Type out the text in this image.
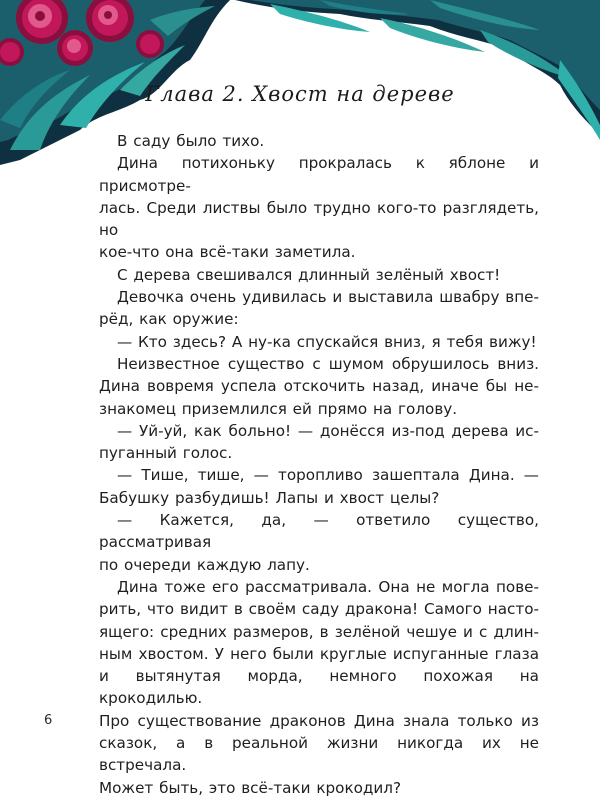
Глава 2. Хвост на дереве
В саду было тихо.
Дина потихоньку прокралась к яблоне и присмотре-
лась. Среди листвы было трудно кого-то разглядеть, но
кое-что она всё-таки заметила.
С дерева свешивался длинный зелёный хвост!
Девочка очень удивилась и выставила швабру впе-
рёд, как оружие:
— Кто здесь? А ну-ка спускайся вниз, я тебя вижу!
Неизвестное существо с шумом обрушилось вниз.
Дина вовремя успела отскочить назад, иначе бы не-
знакомец приземлился ей прямо на голову.
— Уй-уй, как больно! — донёсся из-под дерева ис-
пуганный голос.
— Тише, тише, — торопливо зашептала Дина. —
Бабушку разбудишь! Лапы и хвост целы?
— Кажется, да, — ответило существо, рассматривая
по очереди каждую лапу.
Дина тоже его рассматривала. Она не могла пове-
рить, что видит в своём саду дракона! Самого насто-
ящего: средних размеров, в зелёной чешуе и с длин-
ным хвостом. У него были круглые испуганные глаза
и вытянутая морда, немного похожая на крокодилью.
Про существование драконов Дина знала только из
сказок, а в реальной жизни никогда их не встречала.
Может быть, это всё-таки крокодил?
6
